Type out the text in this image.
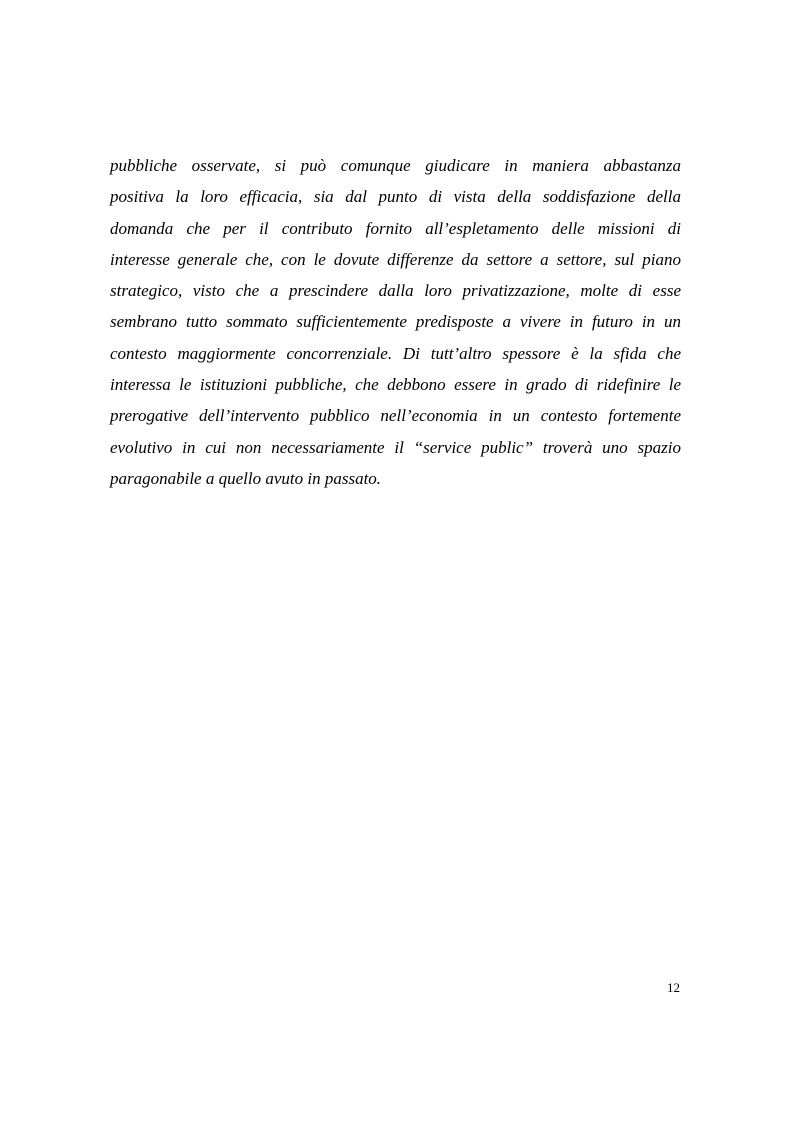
pubbliche osservate, si può comunque giudicare in maniera abbastanza
positiva la loro efficacia, sia dal punto di vista della soddisfazione della
domanda che per il contributo fornito all’espletamento delle missioni di
interesse generale che, con le dovute differenze da settore a settore, sul piano
strategico, visto che a prescindere dalla loro privatizzazione, molte di esse
sembrano tutto sommato sufficientemente predisposte a vivere in futuro in un
contesto maggiormente concorrenziale. Di tutt’altro spessore è la sfida che
interessa le istituzioni pubbliche, che debbono essere in grado di ridefinire le
prerogative dell’intervento pubblico nell’economia in un contesto fortemente
evolutivo in cui non necessariamente il “service public” troverà uno spazio
paragonabile a quello avuto in passato.
12
